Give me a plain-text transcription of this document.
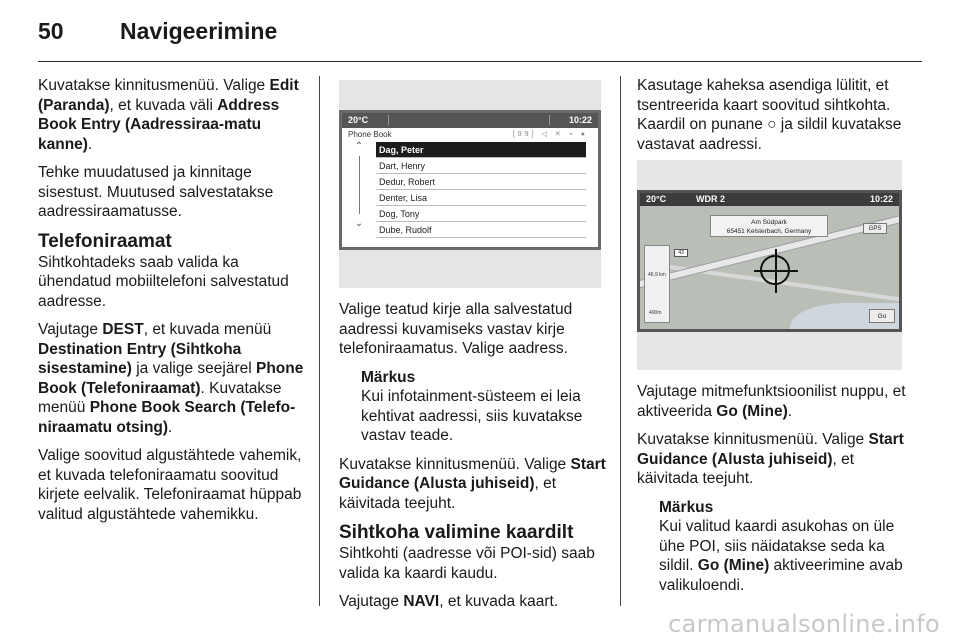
50 Navigeerimine

Kuvatakse kinnitusmenüü. Valige Edit (Paranda), et kuvada väli Address Book Entry (Aadressiraa-matu kanne).

Tehke muudatused ja kinnitage sisestust. Muutused salvestatakse aadressiraamatusse.

Telefoniraamat

Sihtkohtadeks saab valida ka ühendatud mobiiltelefoni salvestatud aadresse.

Vajutage DEST, et kuvada menüü Destination Entry (Sihtkoha sisestamine) ja valige seejärel Phone Book (Telefoniraamat). Kuvatakse menüü Phone Book Search (Telefo-niraamatu otsing).

Valige soovitud algustähtede vahemik, et kuvada telefoniraamatu soovitud kirjete eelvalik. Telefoniraamat hüppab valitud algustähtede vahemikku.

20°C	10:22
Phone Book	[99] ◁ ✕ ⌁ ●
⌃
⌄
Dag, Peter
Dart, Henry
Dedur, Robert
Denter, Lisa
Dog, Tony
Dube, Rudolf

Valige teatud kirje alla salvestatud aadressi kuvamiseks vastav kirje telefoniraamatus. Valige aadress.

Märkus
Kui infotainment-süsteem ei leia kehtivat aadressi, siis kuvatakse vastav teade.

Kuvatakse kinnitusmenüü. Valige Start Guidance (Alusta juhiseid), et käivitada teejuht.

Sihtkoha valimine kaardilt

Sihtkohti (aadresse või POI-sid) saab valida ka kaardi kaudu.

Vajutage NAVI, et kuvada kaart.

Kasutage kaheksa asendiga lülitit, et tsentreerida kaart soovitud sihtkohta. Kaardil on punane ○ ja sildil kuvatakse vastavat aadressi.

20°C	WDR 2	10:22
Am Südpark
65451 Kelsterbach, Germany	GPS
43
46,9 km
400m	Go

Vajutage mitmefunktsioonilist nuppu, et aktiveerida Go (Mine).

Kuvatakse kinnitusmenüü. Valige Start Guidance (Alusta juhiseid), et käivitada teejuht.

Märkus
Kui valitud kaardi asukohas on üle ühe POI, siis näidatakse seda ka sildil. Go (Mine) aktiveerimine avab valikuloendi.
carmanualsonline.info
